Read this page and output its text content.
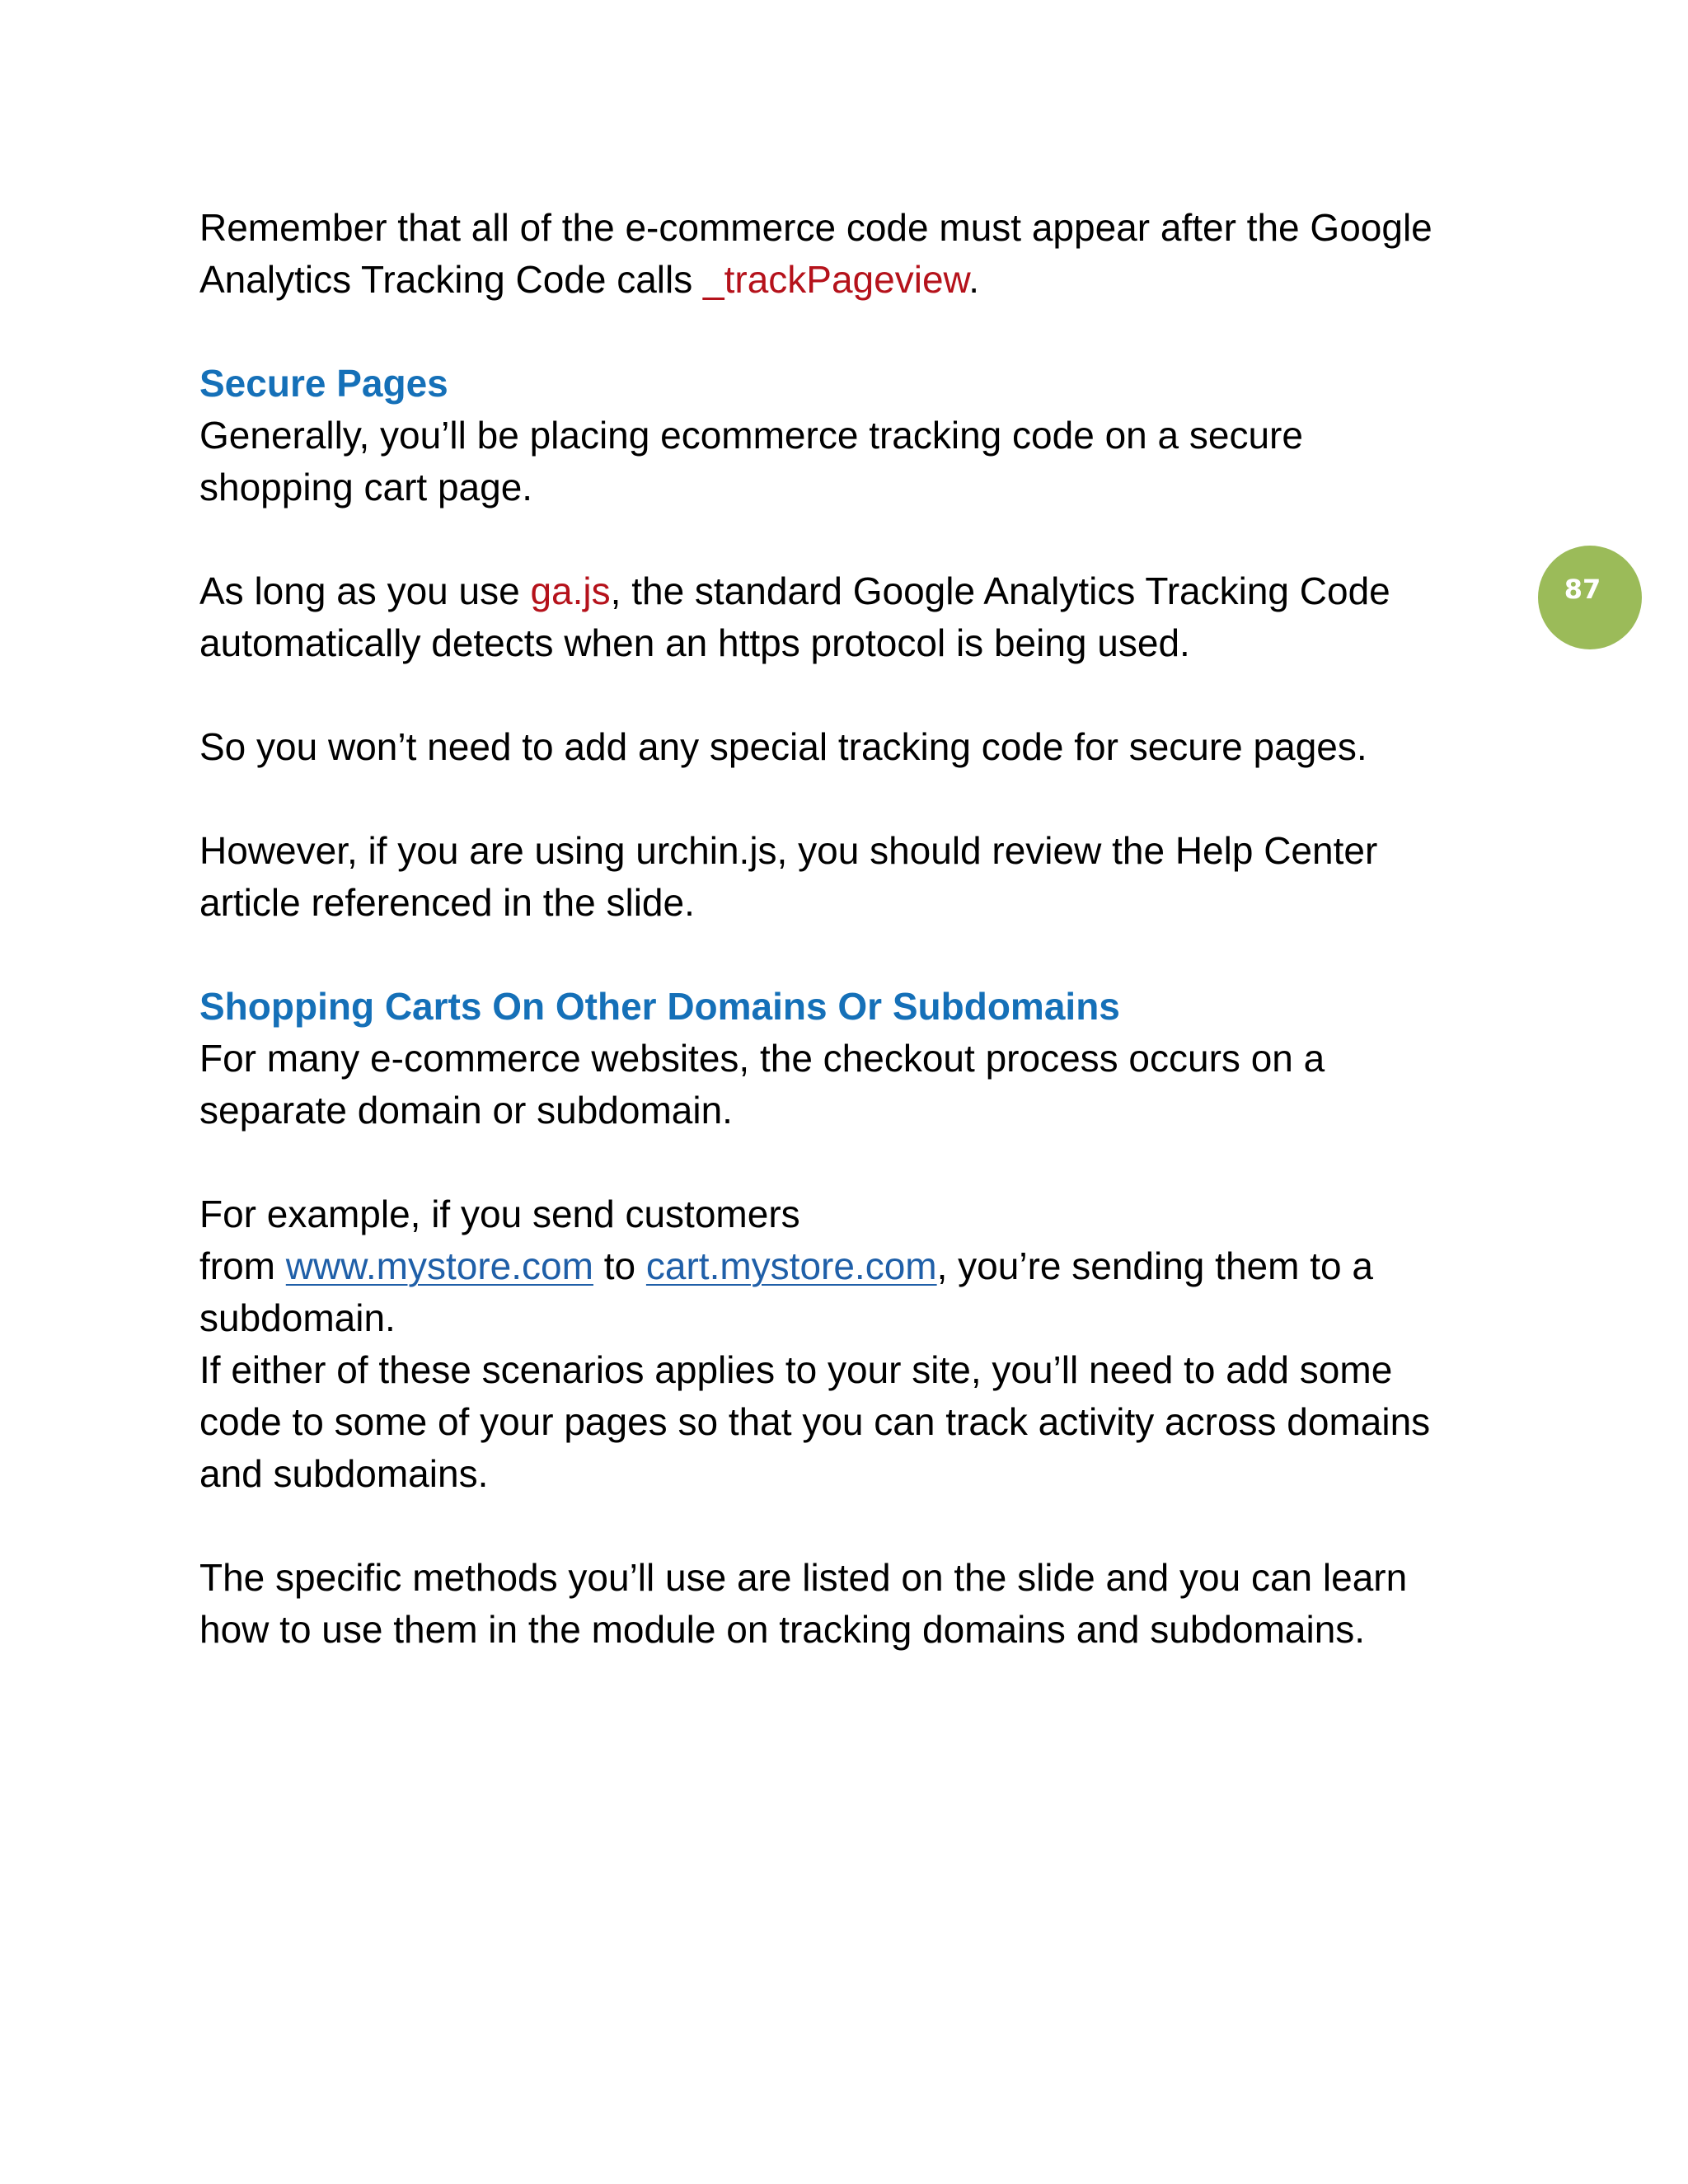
87

Remember that all of the e-commerce code must appear after the Google
Analytics Tracking Code calls _trackPageview.

Secure Pages

Generally, you’ll be placing ecommerce tracking code on a secure
shopping cart page.

As long as you use ga.js, the standard Google Analytics Tracking Code
automatically detects when an https protocol is being used.

So you won’t need to add any special tracking code for secure pages.

However, if you are using urchin.js, you should review the Help Center
article referenced in the slide.

Shopping Carts On Other Domains Or Subdomains

For many e-commerce websites, the checkout process occurs on a
separate domain or subdomain.

For example, if you send customers
from www.mystore.com to cart.mystore.com, you’re sending them to a
subdomain.

If either of these scenarios applies to your site, you’ll need to add some
code to some of your pages so that you can track activity across domains
and subdomains.

The specific methods you’ll use are listed on the slide and you can learn
how to use them in the module on tracking domains and subdomains.
